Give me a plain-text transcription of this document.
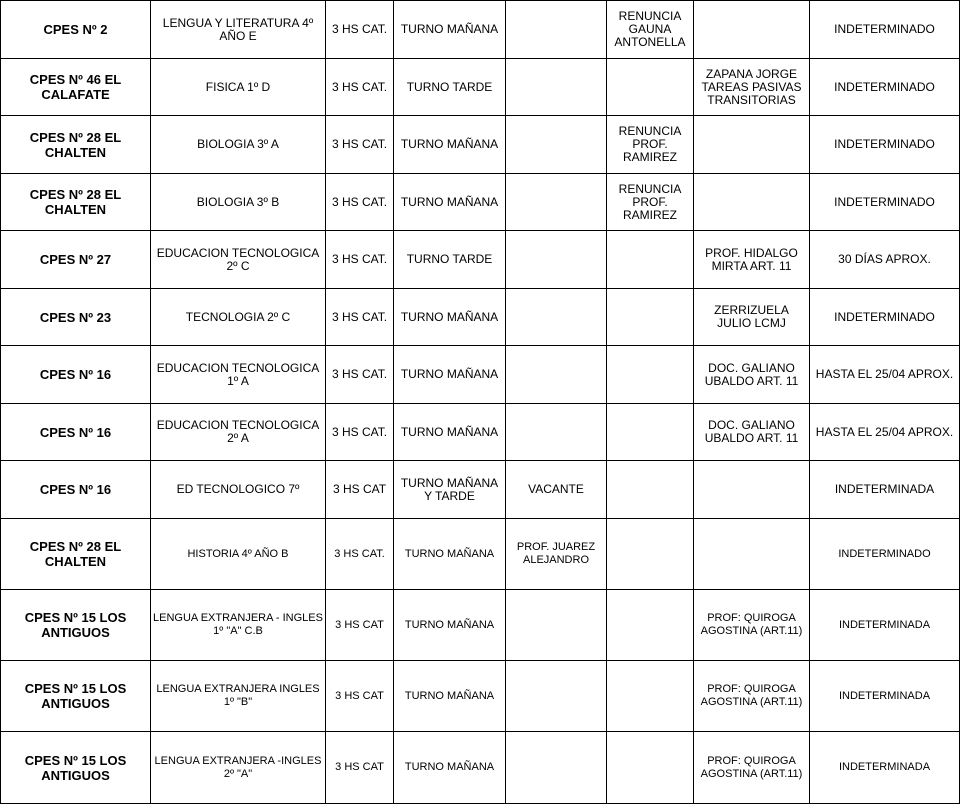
CPES Nº 2	LENGUA Y LITERATURA 4º AÑO E	3 HS CAT.	TURNO MAÑANA		RENUNCIA GAUNA ANTONELLA		INDETERMINADO
CPES Nº 46 EL CALAFATE	FISICA 1º D	3 HS CAT.	TURNO TARDE			ZAPANA JORGE TAREAS PASIVAS TRANSITORIAS	INDETERMINADO
CPES Nº 28 EL CHALTEN	BIOLOGIA 3º A	3 HS CAT.	TURNO MAÑANA		RENUNCIA PROF. RAMIREZ		INDETERMINADO
CPES Nº 28 EL CHALTEN	BIOLOGIA 3º B	3 HS CAT.	TURNO MAÑANA		RENUNCIA PROF. RAMIREZ		INDETERMINADO
CPES Nº 27	EDUCACION TECNOLOGICA 2º C	3 HS CAT.	TURNO TARDE			PROF. HIDALGO MIRTA ART. 11	30 DÍAS APROX.
CPES Nº 23	TECNOLOGIA 2º C	3 HS CAT.	TURNO MAÑANA			ZERRIZUELA JULIO LCMJ	INDETERMINADO
CPES Nº 16	EDUCACION TECNOLOGICA 1º A	3 HS CAT.	TURNO MAÑANA			DOC. GALIANO UBALDO ART. 11	HASTA EL 25/04 APROX.
CPES Nº 16	EDUCACION TECNOLOGICA 2º A	3 HS CAT.	TURNO MAÑANA			DOC. GALIANO UBALDO ART. 11	HASTA EL 25/04 APROX.
CPES Nº 16	ED TECNOLOGICO 7º	3 HS CAT	TURNO MAÑANA Y TARDE	VACANTE			INDETERMINADA
CPES Nº 28 EL CHALTEN	HISTORIA 4º AÑO B	3 HS CAT.	TURNO MAÑANA	PROF. JUAREZ ALEJANDRO			INDETERMINADO
CPES Nº 15 LOS ANTIGUOS	LENGUA EXTRANJERA - INGLES 1º "A" C.B	3 HS CAT	TURNO MAÑANA			PROF: QUIROGA AGOSTINA (ART.11)	INDETERMINADA
CPES Nº 15 LOS ANTIGUOS	LENGUA EXTRANJERA INGLES 1º "B"	3 HS CAT	TURNO MAÑANA			PROF: QUIROGA AGOSTINA (ART.11)	INDETERMINADA
CPES Nº 15 LOS ANTIGUOS	LENGUA EXTRANJERA -INGLES 2º "A"	3 HS CAT	TURNO MAÑANA			PROF: QUIROGA AGOSTINA (ART.11)	INDETERMINADA
